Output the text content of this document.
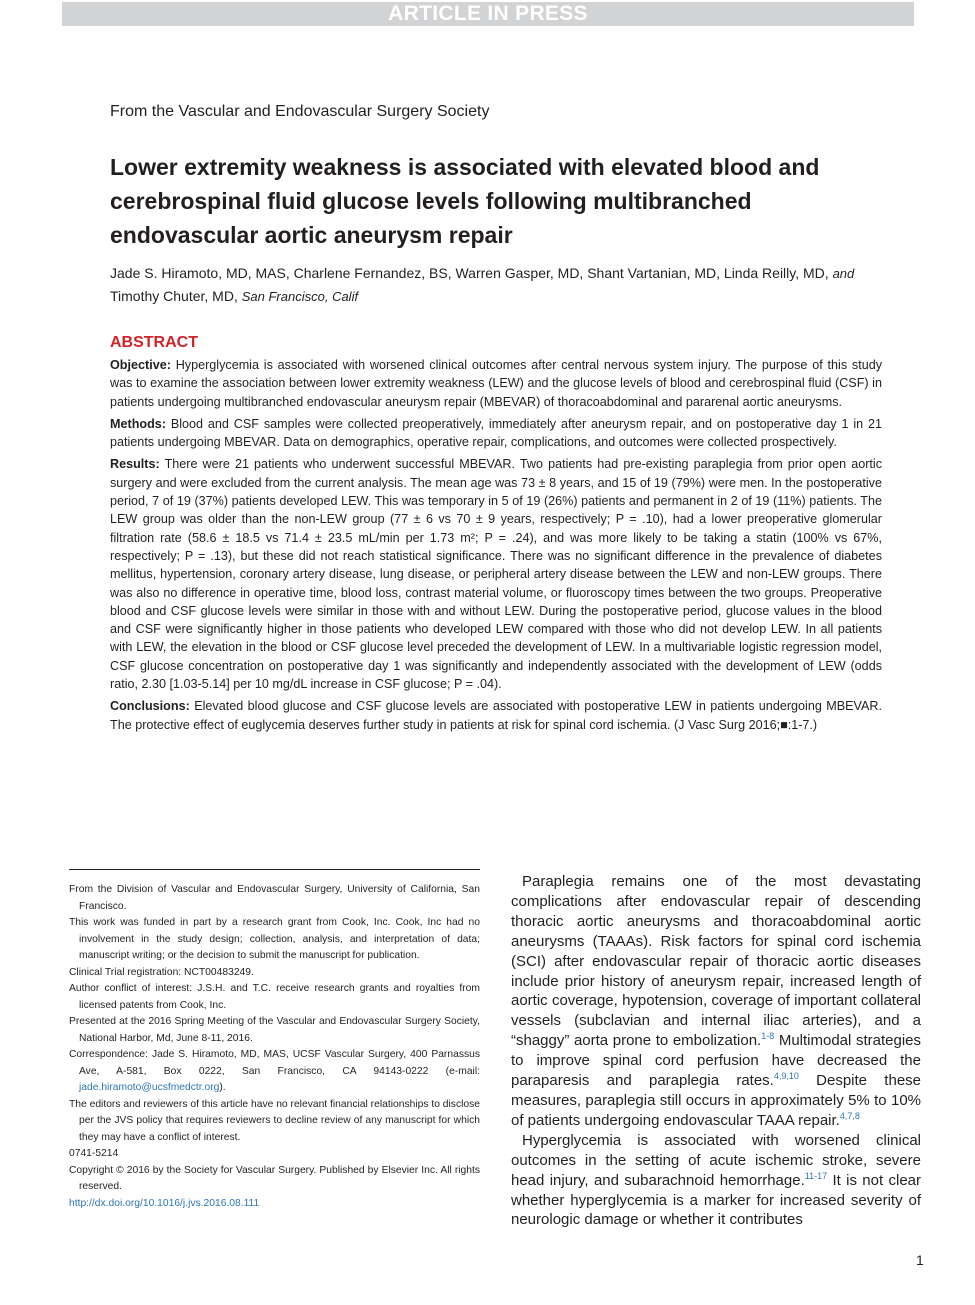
ARTICLE IN PRESS
From the Vascular and Endovascular Surgery Society
Lower extremity weakness is associated with elevated blood and cerebrospinal fluid glucose levels following multibranched endovascular aortic aneurysm repair
Jade S. Hiramoto, MD, MAS, Charlene Fernandez, BS, Warren Gasper, MD, Shant Vartanian, MD, Linda Reilly, MD, and Timothy Chuter, MD, San Francisco, Calif
ABSTRACT

Objective: Hyperglycemia is associated with worsened clinical outcomes after central nervous system injury. The purpose of this study was to examine the association between lower extremity weakness (LEW) and the glucose levels of blood and cerebrospinal fluid (CSF) in patients undergoing multibranched endovascular aneurysm repair (MBEVAR) of thoracoabdominal and pararenal aortic aneurysms.

Methods: Blood and CSF samples were collected preoperatively, immediately after aneurysm repair, and on postoperative day 1 in 21 patients undergoing MBEVAR. Data on demographics, operative repair, complications, and outcomes were collected prospectively.

Results: There were 21 patients who underwent successful MBEVAR. Two patients had pre-existing paraplegia from prior open aortic surgery and were excluded from the current analysis. The mean age was 73 ± 8 years, and 15 of 19 (79%) were men. In the postoperative period, 7 of 19 (37%) patients developed LEW. This was temporary in 5 of 19 (26%) patients and permanent in 2 of 19 (11%) patients. The LEW group was older than the non-LEW group (77 ± 6 vs 70 ± 9 years, respectively; P = .10), had a lower preoperative glomerular filtration rate (58.6 ± 18.5 vs 71.4 ± 23.5 mL/min per 1.73 m²; P = .24), and was more likely to be taking a statin (100% vs 67%, respectively; P = .13), but these did not reach statistical significance. There was no significant difference in the prevalence of diabetes mellitus, hypertension, coronary artery disease, lung disease, or peripheral artery disease between the LEW and non-LEW groups. There was also no difference in operative time, blood loss, contrast material volume, or fluoroscopy times between the two groups. Preoperative blood and CSF glucose levels were similar in those with and without LEW. During the postoperative period, glucose values in the blood and CSF were significantly higher in those patients who developed LEW compared with those who did not develop LEW. In all patients with LEW, the elevation in the blood or CSF glucose level preceded the development of LEW. In a multivariable logistic regression model, CSF glucose concentration on postoperative day 1 was significantly and independently associated with the development of LEW (odds ratio, 2.30 [1.03-5.14] per 10 mg/dL increase in CSF glucose; P = .04).

Conclusions: Elevated blood glucose and CSF glucose levels are associated with postoperative LEW in patients undergoing MBEVAR. The protective effect of euglycemia deserves further study in patients at risk for spinal cord ischemia. (J Vasc Surg 2016;■:1-7.)

From the Division of Vascular and Endovascular Surgery, University of California, San Francisco.

This work was funded in part by a research grant from Cook, Inc. Cook, Inc had no involvement in the study design; collection, analysis, and interpretation of data; manuscript writing; or the decision to submit the manuscript for publication.

Clinical Trial registration: NCT00483249.

Author conflict of interest: J.S.H. and T.C. receive research grants and royalties from licensed patents from Cook, Inc.

Presented at the 2016 Spring Meeting of the Vascular and Endovascular Surgery Society, National Harbor, Md, June 8-11, 2016.

Correspondence: Jade S. Hiramoto, MD, MAS, UCSF Vascular Surgery, 400 Parnassus Ave, A-581, Box 0222, San Francisco, CA 94143-0222 (e-mail: jade.hiramoto@ucsfmedctr.org).

The editors and reviewers of this article have no relevant financial relationships to disclose per the JVS policy that requires reviewers to decline review of any manuscript for which they may have a conflict of interest.

0741-5214

Copyright © 2016 by the Society for Vascular Surgery. Published by Elsevier Inc. All rights reserved.

http://dx.doi.org/10.1016/j.jvs.2016.08.111

Paraplegia remains one of the most devastating complications after endovascular repair of descending thoracic aortic aneurysms and thoracoabdominal aortic aneurysms (TAAAs). Risk factors for spinal cord ischemia (SCI) after endovascular repair of thoracic aortic diseases include prior history of aneurysm repair, increased length of aortic coverage, hypotension, coverage of important collateral vessels (subclavian and internal iliac arteries), and a “shaggy” aorta prone to embolization.$^{1-8}$ Multimodal strategies to improve spinal cord perfusion have decreased the paraparesis and paraplegia rates.$^{4,9,10}$ Despite these measures, paraplegia still occurs in approximately 5% to 10% of patients undergoing endovascular TAAA repair.$^{4,7,8}$

Hyperglycemia is associated with worsened clinical outcomes in the setting of acute ischemic stroke, severe head injury, and subarachnoid hemorrhage.$^{11-17}$ It is not clear whether hyperglycemia is a marker for increased severity of neurologic damage or whether it contributes

1
